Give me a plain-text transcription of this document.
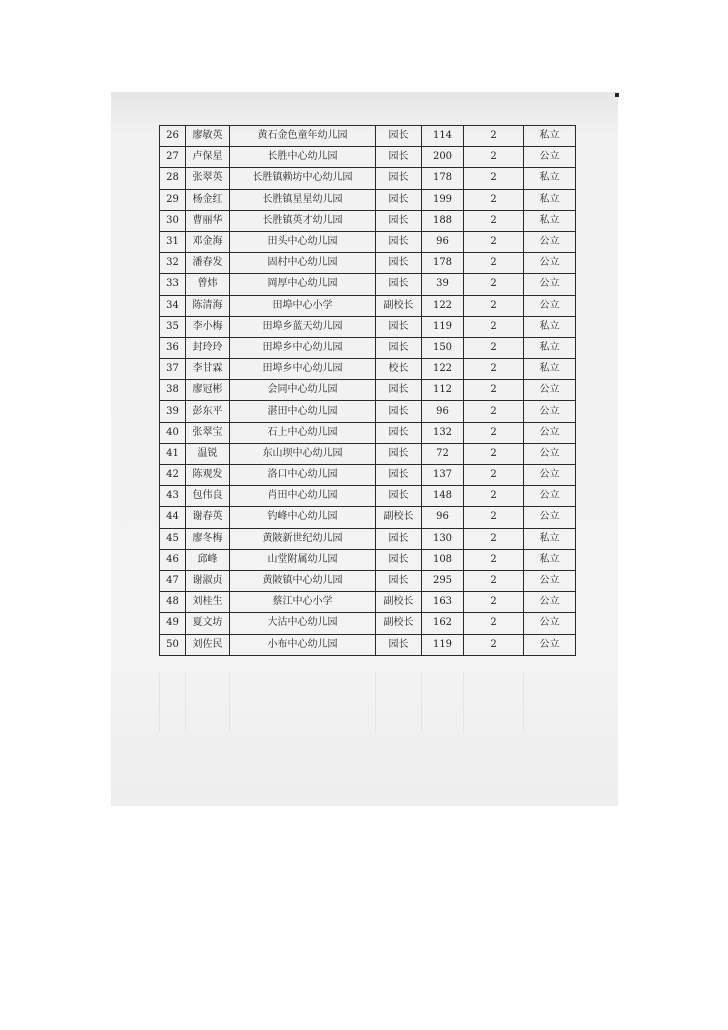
26	廖敏英	黄石金色童年幼儿园	园长	114	2	私立
27	卢保星	长胜中心幼儿园	园长	200	2	公立
28	张翠英	长胜镇赖坊中心幼儿园	园长	178	2	私立
29	杨金红	长胜镇星星幼儿园	园长	199	2	私立
30	曹丽华	长胜镇英才幼儿园	园长	188	2	私立
31	邓金海	田头中心幼儿园	园长	96	2	公立
32	潘春发	固村中心幼儿园	园长	178	2	公立
33	曾炜	岡厚中心幼儿园	园长	39	2	公立
34	陈清海	田埠中心小学	副校长	122	2	公立
35	李小梅	田埠乡蓝天幼儿园	园长	119	2	私立
36	封玲玲	田埠乡中心幼儿园	园长	150	2	私立
37	李甘霖	田埠乡中心幼儿园	校长	122	2	私立
38	廖冠彬	会同中心幼儿园	园长	112	2	公立
39	彭东平	湛田中心幼儿园	园长	96	2	公立
40	张翠宝	石上中心幼儿园	园长	132	2	公立
41	温锐	东山坝中心幼儿园	园长	72	2	公立
42	陈观发	洛口中心幼儿园	园长	137	2	公立
43	包伟良	肖田中心幼儿园	园长	148	2	公立
44	谢春英	钓峰中心幼儿园	副校长	96	2	公立
45	廖冬梅	黄陂新世纪幼儿园	园长	130	2	私立
46	邱峰	山堂附属幼儿园	园长	108	2	私立
47	谢淑贞	黄陂镇中心幼儿园	园长	295	2	公立
48	刘桂生	蔡江中心小学	副校长	163	2	公立
49	夏文坊	大沽中心幼儿园	副校长	162	2	公立
50	刘佐民	小布中心幼儿园	园长	119	2	公立
